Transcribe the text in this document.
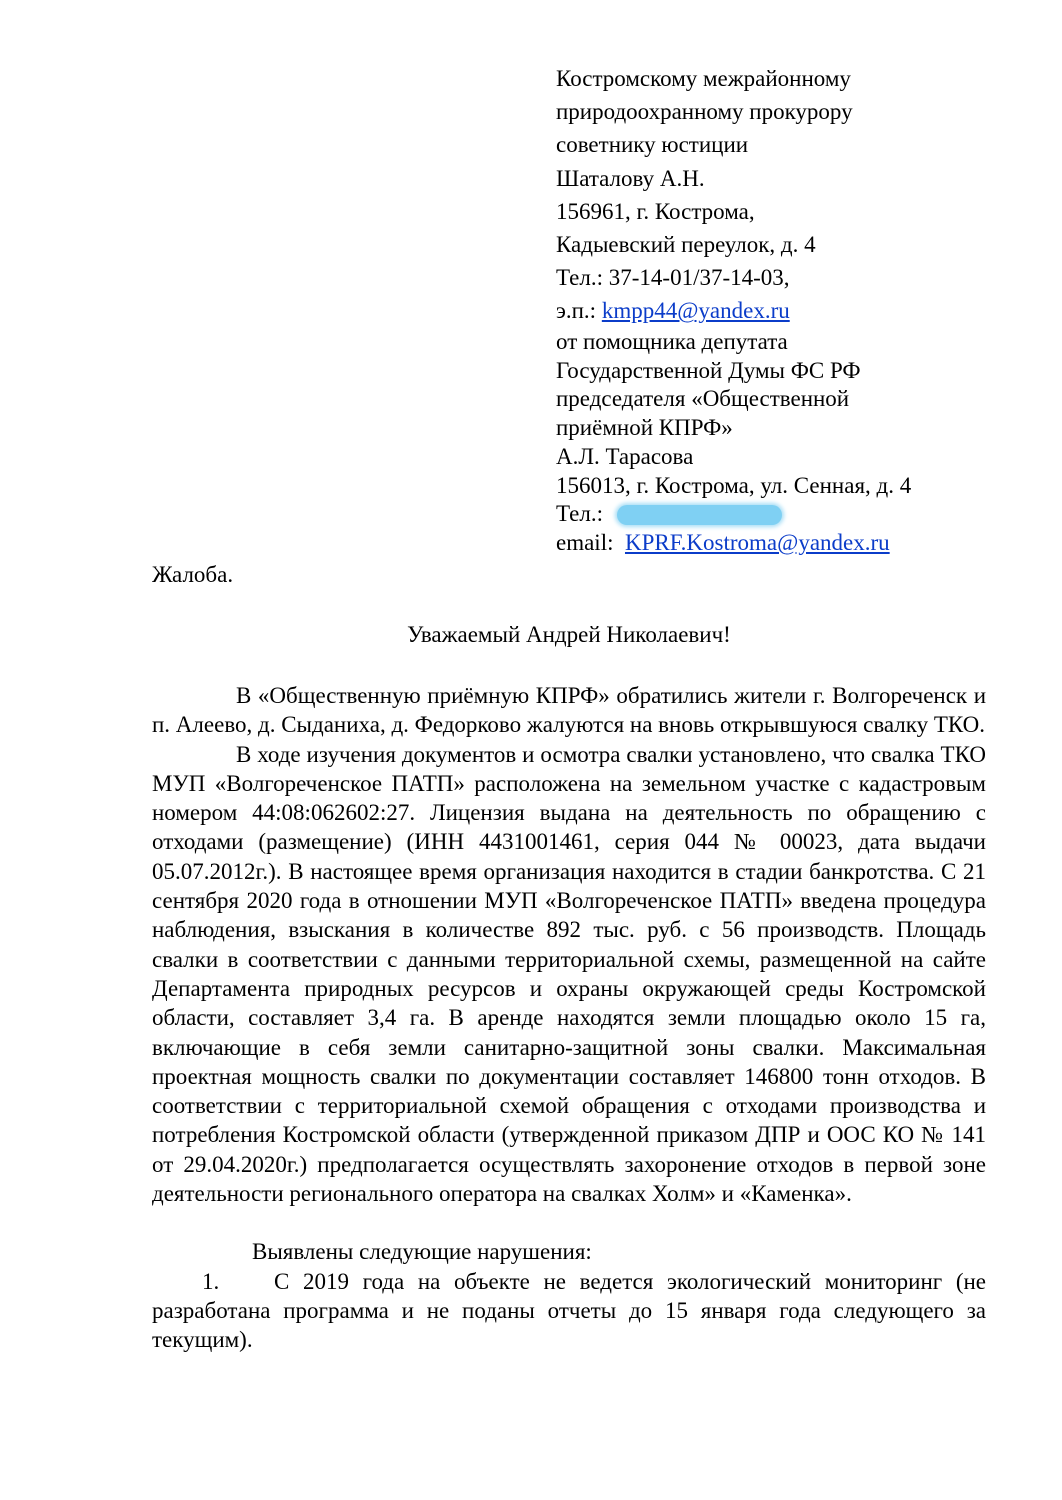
Костромскому межрайонному
природоохранному прокурору
советнику юстиции
Шаталову А.Н.
156961, г. Кострома,
Кадыевский переулок, д. 4
Тел.: 37-14-01/37-14-03,
э.п.: kmpp44@yandex.ru
от помощника депутата
Государственной Думы ФС РФ
председателя «Общественной
приёмной КПРФ»
А.Л. Тарасова
156013, г. Кострома, ул. Сенная, д. 4
Тел.:
email: KPRF.Kostroma@yandex.ru
Жалоба.
Уважаемый Андрей Николаевич!

В «Общественную приёмную КПРФ» обратились жители г. Волгореченск и п. Алеево, д. Сыданиха, д. Федорково жалуются на вновь открывшуюся свалку ТКО.

В ходе изучения документов и осмотра свалки установлено, что свалка ТКО МУП «Волгореченское ПАТП» расположена на земельном участке с кадастровым номером 44:08:062602:27. Лицензия выдана на деятельность по обращению с отходами (размещение) (ИНН 4431001461, серия 044 № 00023, дата выдачи 05.07.2012г.). В настоящее время организация находится в стадии банкротства. С 21 сентября 2020 года в отношении МУП «Волгореченское ПАТП» введена процедура наблюдения, взыскания в количестве 892 тыс. руб. с 56 производств. Площадь свалки в соответствии с данными территориальной схемы, размещенной на сайте Департамента природных ресурсов и охраны окружающей среды Костромской области, составляет 3,4 га. В аренде находятся земли площадью около 15 га, включающие в себя земли санитарно-защитной зоны свалки. Максимальная проектная мощность свалки по документации составляет 146800 тонн отходов. В соответствии с территориальной схемой обращения с отходами производства и потребления Костромской области (утвержденной приказом ДПР и ООС КО № 141 от 29.04.2020г.) предполагается осуществлять захоронение отходов в первой зоне деятельности регионального оператора на свалках Холм» и «Каменка».

Выявлены следующие нарушения:

1. С 2019 года на объекте не ведется экологический мониторинг (не разработана программа и не поданы отчеты до 15 января года следующего за текущим).
